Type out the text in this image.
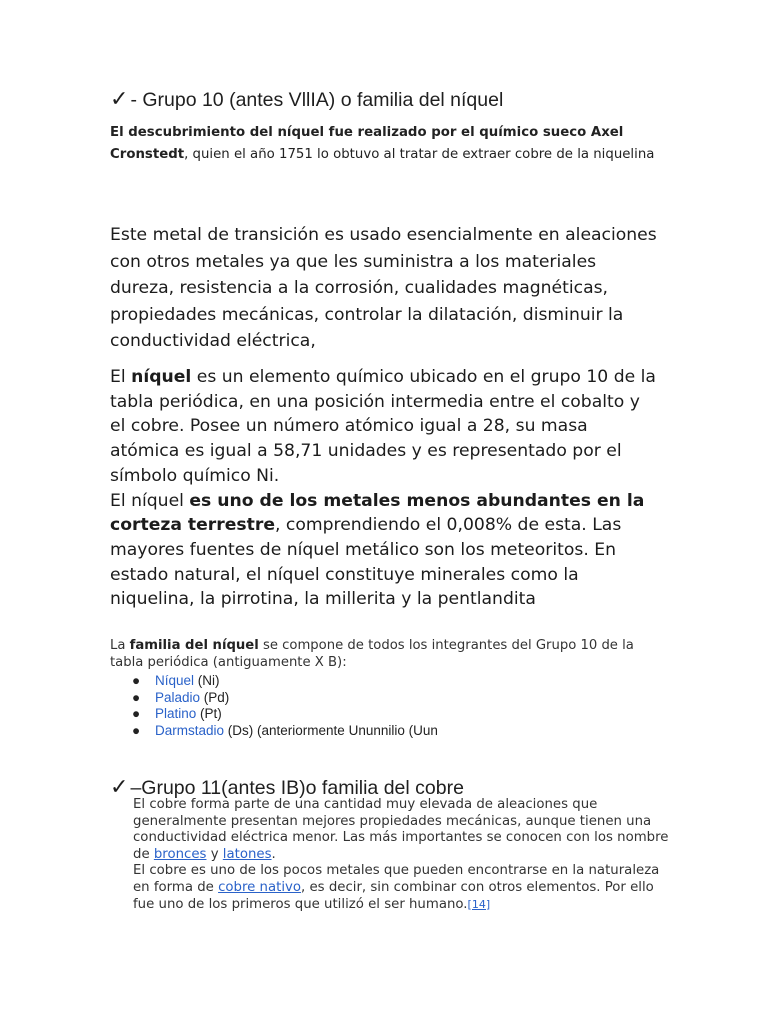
✓ - Grupo 10 (antes VllIA) o familia del níquel
El descubrimiento del níquel fue realizado por el químico sueco Axel Cronstedt, quien el año 1751 lo obtuvo al tratar de extraer cobre de la niquelina
Este metal de transición es usado esencialmente en aleaciones con otros metales ya que les suministra a los materiales dureza, resistencia a la corrosión, cualidades magnéticas, propiedades mecánicas, controlar la dilatación, disminuir la conductividad eléctrica,
El níquel es un elemento químico ubicado en el grupo 10 de la tabla periódica, en una posición intermedia entre el cobalto y el cobre. Posee un número atómico igual a 28, su masa atómica es igual a 58,71 unidades y es representado por el símbolo químico Ni.
El níquel es uno de los metales menos abundantes en la corteza terrestre, comprendiendo el 0,008% de esta. Las mayores fuentes de níquel metálico son los meteoritos. En estado natural, el níquel constituye minerales como la niquelina, la pirrotina, la millerita y la pentlandita
La familia del níquel se compone de todos los integrantes del Grupo 10 de la tabla periódica (antiguamente X B):
● Níquel (Ni)
● Paladio (Pd)
● Platino (Pt)
● Darmstadio (Ds) (anteriormente Ununnilio (Uun
✓ –Grupo 11(antes IB)o familia del cobre
El cobre forma parte de una cantidad muy elevada de aleaciones que generalmente presentan mejores propiedades mecánicas, aunque tienen una conductividad eléctrica menor. Las más importantes se conocen con los nombre de bronces y latones.
El cobre es uno de los pocos metales que pueden encontrarse en la naturaleza en forma de cobre nativo, es decir, sin combinar con otros elementos. Por ello fue uno de los primeros que utilizó el ser humano.[14]
